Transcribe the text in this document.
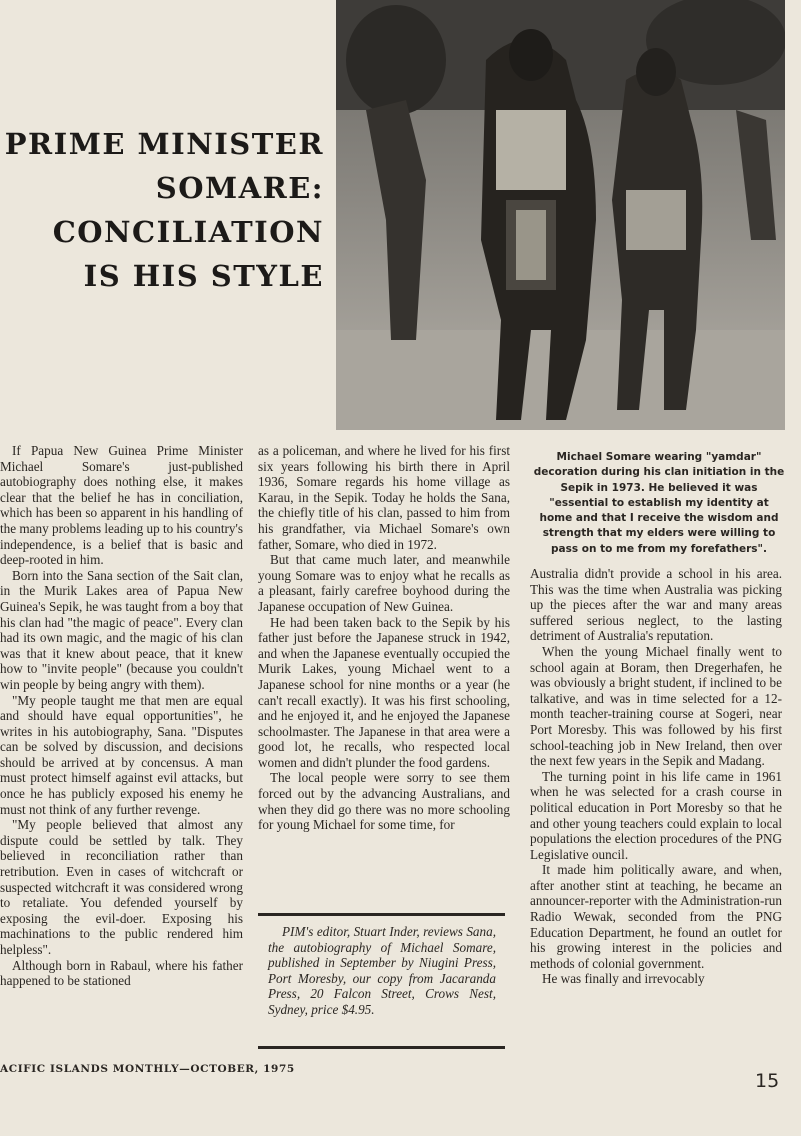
PRIME MINISTER
SOMARE:
CONCILIATION
IS HIS STYLE

If Papua New Guinea Prime Minister Michael Somare's just-published autobiography does nothing else, it makes clear that the belief he has in conciliation, which has been so apparent in his handling of the many problems leading up to his country's independence, is a belief that is basic and deep-rooted in him.

Born into the Sana section of the Sait clan, in the Murik Lakes area of Papua New Guinea's Sepik, he was taught from a boy that his clan had "the magic of peace". Every clan had its own magic, and the magic of his clan was that it knew about peace, that it knew how to "invite people" (because you couldn't win people by being angry with them).

"My people taught me that men are equal and should have equal opportunities", he writes in his autobiography, Sana. "Disputes can be solved by discussion, and decisions should be arrived at by concensus. A man must protect himself against evil attacks, but once he has publicly exposed his enemy he must not think of any further revenge.

"My people believed that almost any dispute could be settled by talk. They believed in reconciliation rather than retribution. Even in cases of witchcraft or suspected witchcraft it was considered wrong to retaliate. You defended yourself by exposing the evil-doer. Exposing his machinations to the public rendered him helpless".

Although born in Rabaul, where his father happened to be stationed

as a policeman, and where he lived for his first six years following his birth there in April 1936, Somare regards his home village as Karau, in the Sepik. Today he holds the Sana, the chiefly title of his clan, passed to him from his grandfather, via Michael Somare's own father, Somare, who died in 1972.

But that came much later, and meanwhile young Somare was to enjoy what he recalls as a pleasant, fairly carefree boyhood during the Japanese occupation of New Guinea.

He had been taken back to the Sepik by his father just before the Japanese struck in 1942, and when the Japanese eventually occupied the Murik Lakes, young Michael went to a Japanese school for nine months or a year (he can't recall exactly). It was his first schooling, and he enjoyed it, and he enjoyed the Japanese schoolmaster. The Japanese in that area were a good lot, he recalls, who respected local women and didn't plunder the food gardens.

The local people were sorry to see them forced out by the advancing Australians, and when they did go there was no more schooling for young Michael for some time, for

PIM's editor, Stuart Inder, reviews Sana, the autobiography of Michael Somare, published in September by Niugini Press, Port Moresby, our copy from Jacaranda Press, 20 Falcon Street, Crows Nest, Sydney, price $4.95.

Michael Somare wearing "yamdar" decoration during his clan initiation in the Sepik in 1973. He believed it was "essential to establish my identity at home and that I receive the wisdom and strength that my elders were willing to pass on to me from my forefathers".

Australia didn't provide a school in his area. This was the time when Australia was picking up the pieces after the war and many areas suffered serious neglect, to the lasting detriment of Australia's reputation.

When the young Michael finally went to school again at Boram, then Dregerhafen, he was obviously a bright student, if inclined to be talkative, and was in time selected for a 12-month teacher-training course at Sogeri, near Port Moresby. This was followed by his first school-teaching job in New Ireland, then over the next few years in the Sepik and Madang.

The turning point in his life came in 1961 when he was selected for a crash course in political education in Port Moresby so that he and other young teachers could explain to local populations the election procedures of the PNG Legislative ouncil.

It made him politically aware, and when, after another stint at teaching, he became an announcer-reporter with the Administration-run Radio Wewak, seconded from the PNG Education Department, he found an outlet for his growing interest in the policies and methods of colonial government.

He was finally and irrevocably

ACIFIC ISLANDS MONTHLY—OCTOBER, 1975
15
